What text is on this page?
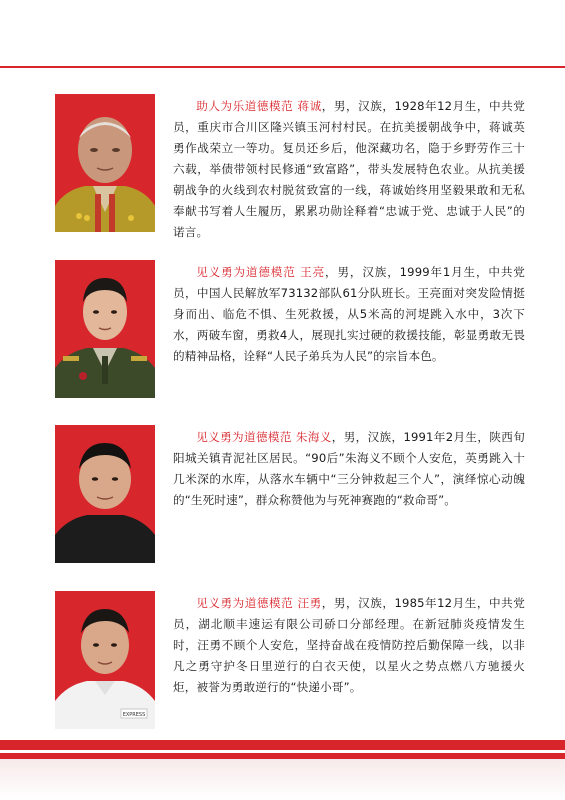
助人为乐道德模范 蒋诚，男，汉族，1928年12月生，中共党员，重庆市合川区隆兴镇玉河村村民。在抗美援朝战争中，蒋诚英勇作战荣立一等功。复员还乡后，他深藏功名，隐于乡野劳作三十六载，举债带领村民修通“致富路”，带头发展特色农业。从抗美援朝战争的火线到农村脱贫致富的一线，蒋诚始终用坚毅果敢和无私奉献书写着人生履历，累累功勋诠释着“忠诚于党、忠诚于人民”的诺言。
见义勇为道德模范 王亮，男，汉族，1999年1月生，中共党员，中国人民解放军73132部队61分队班长。王亮面对突发险情挺身而出、临危不惧、生死救援，从5米高的河堤跳入水中，3次下水，两破车窗，勇救4人，展现扎实过硬的救援技能，彰显勇敢无畏的精神品格，诠释“人民子弟兵为人民”的宗旨本色。
见义勇为道德模范 朱海义，男，汉族，1991年2月生，陕西旬阳城关镇青泥社区居民。“90后”朱海义不顾个人安危，英勇跳入十几米深的水库，从落水车辆中“三分钟救起三个人”，演绎惊心动魄的“生死时速”，群众称赞他为与死神赛跑的“救命哥”。
EXPRESS
见义勇为道德模范 汪勇，男，汉族，1985年12月生，中共党员，湖北顺丰速运有限公司硚口分部经理。在新冠肺炎疫情发生时，汪勇不顾个人安危，坚持奋战在疫情防控后勤保障一线，以非凡之勇守护冬日里逆行的白衣天使，以星火之势点燃八方驰援火炬，被誉为勇敢逆行的“快递小哥”。
